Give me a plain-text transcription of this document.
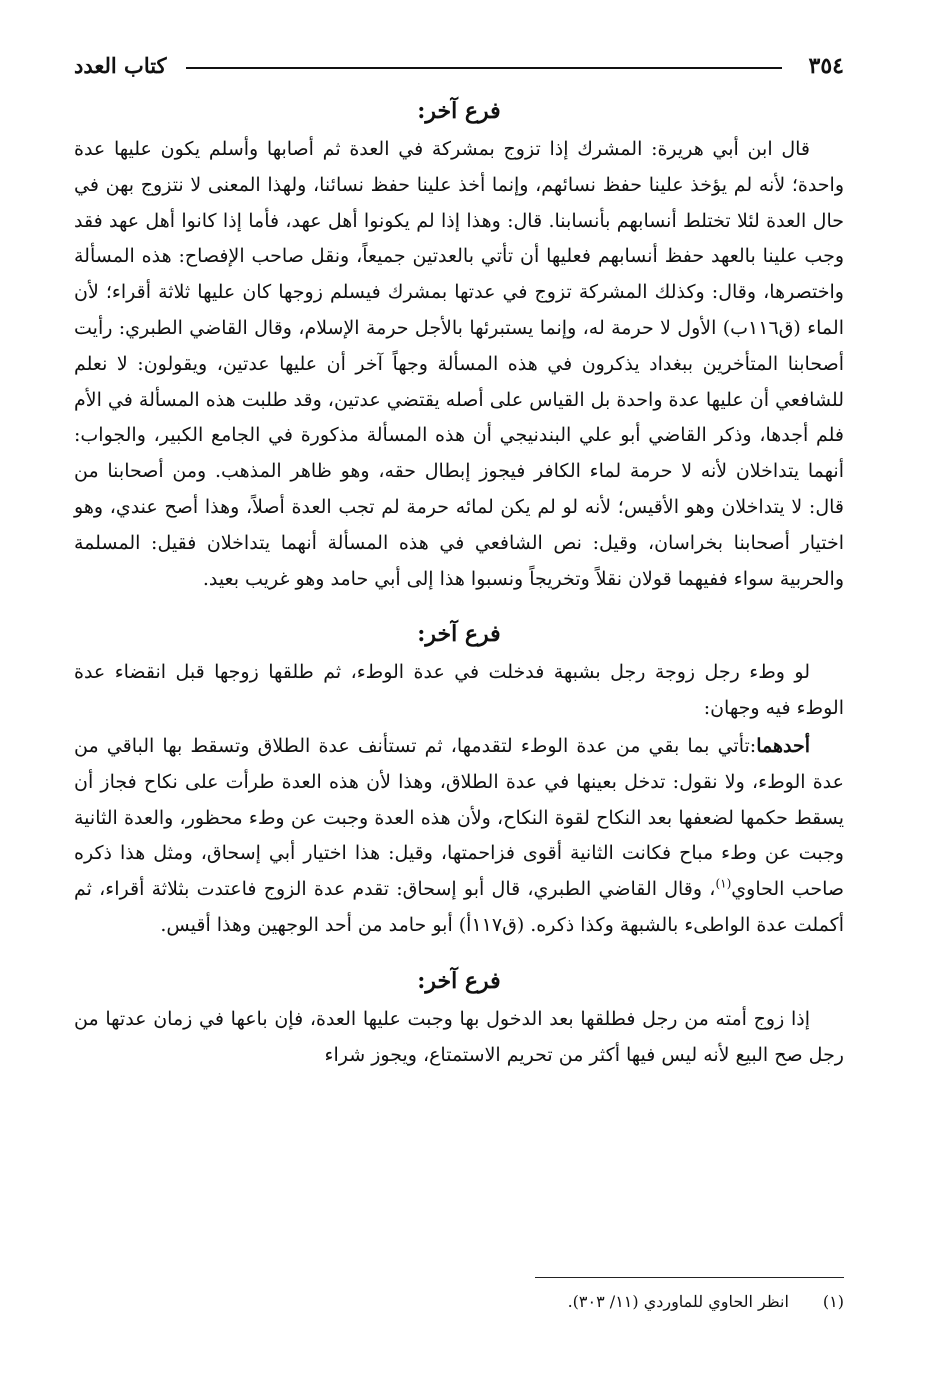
٣٥٤
كتاب العدد
فرع آخر:

قال ابن أبي هريرة: المشرك إذا تزوج بمشركة في العدة ثم أصابها وأسلم يكون عليها عدة واحدة؛ لأنه لم يؤخذ علينا حفظ نسائهم، وإنما أخذ علينا حفظ نسائنا، ولهذا المعنى لا نتزوج بهن في حال العدة لئلا تختلط أنسابهم بأنسابنا. قال: وهذا إذا لم يكونوا أهل عهد، فأما إذا كانوا أهل عهد فقد وجب علينا بالعهد حفظ أنسابهم فعليها أن تأتي بالعدتين جميعاً، ونقل صاحب الإفصاح: هذه المسألة واختصرها، وقال: وكذلك المشركة تزوج في عدتها بمشرك فيسلم زوجها كان عليها ثلاثة أقراء؛ لأن الماء (ق١١٦ب) الأول لا حرمة له، وإنما يستبرئها بالأجل حرمة الإسلام، وقال القاضي الطبري: رأيت أصحابنا المتأخرين ببغداد يذكرون في هذه المسألة وجهاً آخر أن عليها عدتين، ويقولون: لا نعلم للشافعي أن عليها عدة واحدة بل القياس على أصله يقتضي عدتين، وقد طلبت هذه المسألة في الأم فلم أجدها، وذكر القاضي أبو علي البندنيجي أن هذه المسألة مذكورة في الجامع الكبير، والجواب: أنهما يتداخلان لأنه لا حرمة لماء الكافر فيجوز إبطال حقه، وهو ظاهر المذهب. ومن أصحابنا من قال: لا يتداخلان وهو الأقيس؛ لأنه لو لم يكن لمائه حرمة لم تجب العدة أصلاً، وهذا أصح عندي، وهو اختيار أصحابنا بخراسان، وقيل: نص الشافعي في هذه المسألة أنهما يتداخلان فقيل: المسلمة والحربية سواء ففيهما قولان نقلاً وتخريجاً ونسبوا هذا إلى أبي حامد وهو غريب بعيد.

فرع آخر:

لو وطء رجل زوجة رجل بشبهة فدخلت في عدة الوطء، ثم طلقها زوجها قبل انقضاء عدة الوطء فيه وجهان:

أحدهما:تأتي بما بقي من عدة الوطء لتقدمها، ثم تستأنف عدة الطلاق وتسقط بها الباقي من عدة الوطء، ولا نقول: تدخل بعينها في عدة الطلاق، وهذا لأن هذه العدة طرأت على نكاح فجاز أن يسقط حكمها لضعفها بعد النكاح لقوة النكاح، ولأن هذه العدة وجبت عن وطء محظور، والعدة الثانية وجبت عن وطء مباح فكانت الثانية أقوى فزاحمتها، وقيل: هذا اختيار أبي إسحاق، ومثل هذا ذكره صاحب الحاوي$^{(١)}$، وقال القاضي الطبري، قال أبو إسحاق: تقدم عدة الزوج فاعتدت بثلاثة أقراء، ثم أكملت عدة الواطىء بالشبهة وكذا ذكره. (ق١١٧أ) أبو حامد من أحد الوجهين وهذا أقيس.

فرع آخر:

إذا زوج أمته من رجل فطلقها بعد الدخول بها وجبت عليها العدة، فإن باعها في زمان عدتها من رجل صح البيع لأنه ليس فيها أكثر من تحريم الاستمتاع، ويجوز شراء

(١)انظر الحاوي للماوردي (١١/ ٣٠٣).
